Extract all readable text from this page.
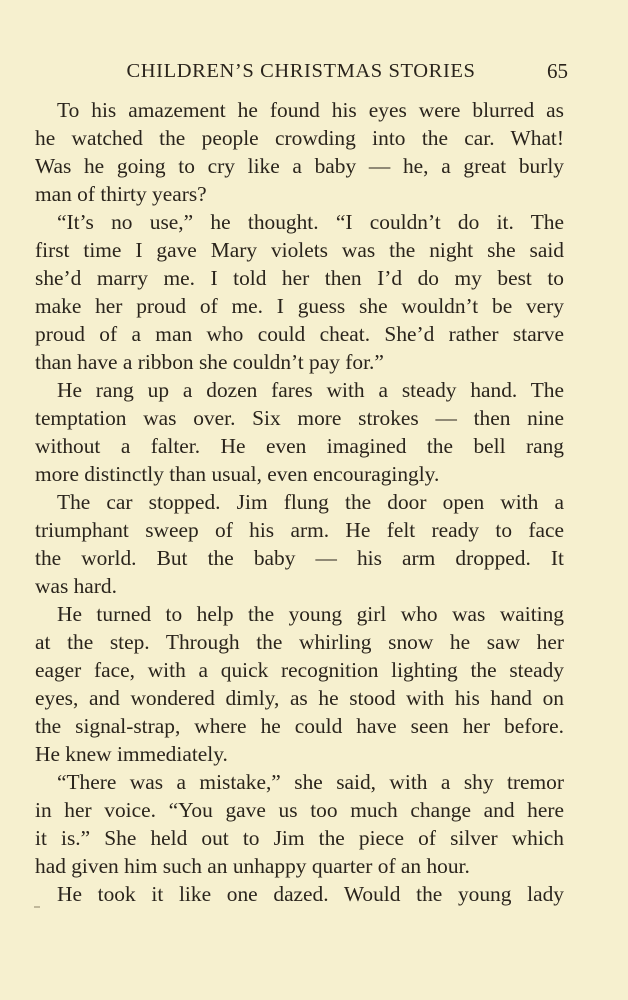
CHILDREN’S CHRISTMAS STORIES	65
To his amazement he found his eyes were blurred as
he watched the people crowding into the car. What!
Was he going to cry like a baby — he, a great burly
man of thirty years?
“It’s no use,” he thought. “I couldn’t do it. The
first time I gave Mary violets was the night she said
she’d marry me. I told her then I’d do my best to
make her proud of me. I guess she wouldn’t be very
proud of a man who could cheat. She’d rather starve
than have a ribbon she couldn’t pay for.”
He rang up a dozen fares with a steady hand. The
temptation was over. Six more strokes — then nine
without a falter. He even imagined the bell rang
more distinctly than usual, even encouragingly.
The car stopped. Jim flung the door open with a
triumphant sweep of his arm. He felt ready to face
the world. But the baby — his arm dropped. It
was hard.
He turned to help the young girl who was waiting
at the step. Through the whirling snow he saw her
eager face, with a quick recognition lighting the steady
eyes, and wondered dimly, as he stood with his hand on
the signal-strap, where he could have seen her before.
He knew immediately.
“There was a mistake,” she said, with a shy tremor
in her voice. “You gave us too much change and here
it is.” She held out to Jim the piece of silver which
had given him such an unhappy quarter of an hour.
He took it like one dazed. Would the young lady
